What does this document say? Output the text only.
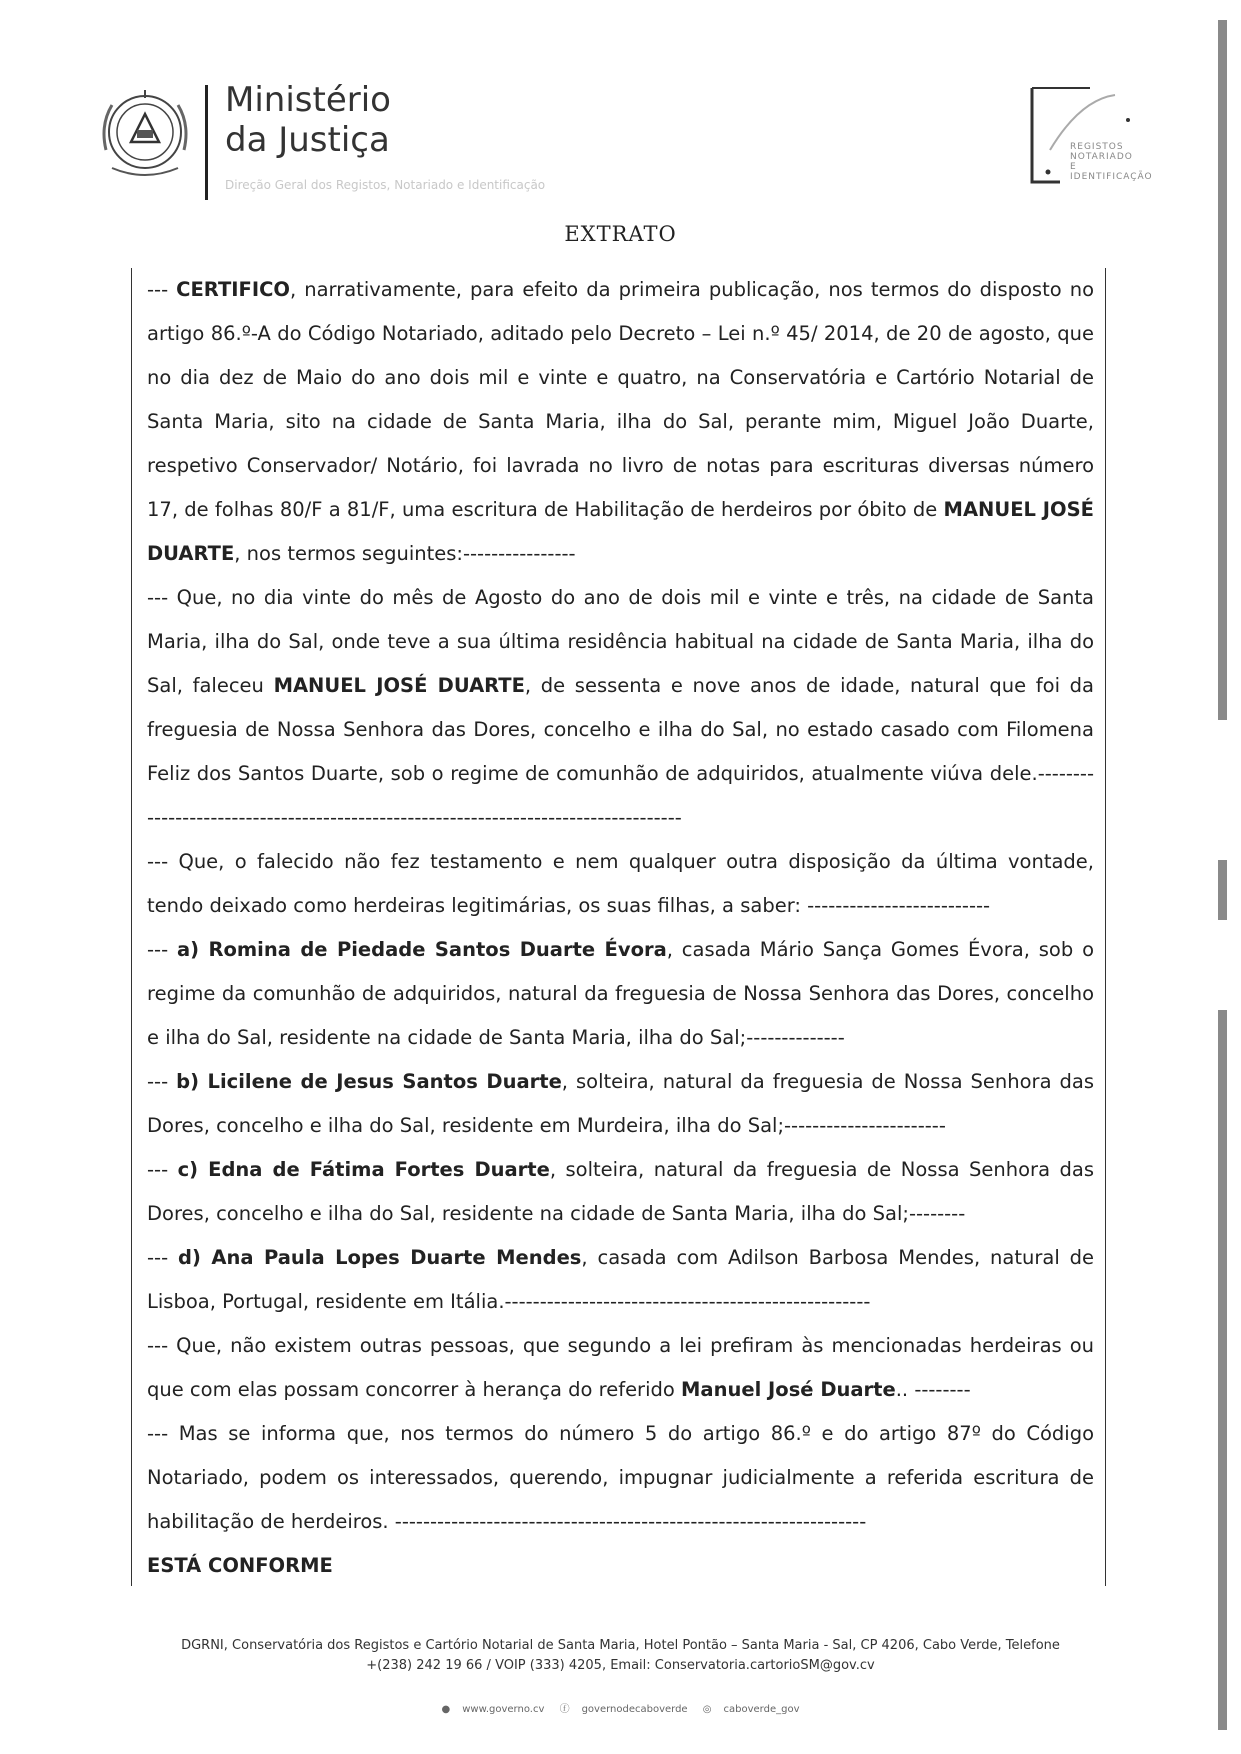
Ministério
da Justiça
Direção Geral dos Registos, Notariado e Identificação
REGISTOS
NOTARIADO
E IDENTIFICAÇÃO
EXTRATO
--- CERTIFICO, narrativamente, para efeito da primeira publicação, nos termos do disposto no artigo 86.º-A do Código Notariado, aditado pelo Decreto – Lei n.º 45/ 2014, de 20 de agosto, que no dia dez de Maio do ano dois mil e vinte e quatro, na Conservatória e Cartório Notarial de Santa Maria, sito na cidade de Santa Maria, ilha do Sal, perante mim, Miguel João Duarte, respetivo Conservador/ Notário, foi lavrada no livro de notas para escrituras diversas número 17, de folhas 80/F a 81/F, uma escritura de Habilitação de herdeiros por óbito de MANUEL JOSÉ DUARTE, nos termos seguintes:----------------
--- Que, no dia vinte do mês de Agosto do ano de dois mil e vinte e três, na cidade de Santa Maria, ilha do Sal, onde teve a sua última residência habitual na cidade de Santa Maria, ilha do Sal, faleceu MANUEL JOSÉ DUARTE, de sessenta e nove anos de idade, natural que foi da freguesia de Nossa Senhora das Dores, concelho e ilha do Sal, no estado casado com Filomena Feliz dos Santos Duarte, sob o regime de comunhão de adquiridos, atualmente viúva dele.------------------------------------------------------------------------------------
--- Que, o falecido não fez testamento e nem qualquer outra disposição da última vontade, tendo deixado como herdeiras legitimárias, os suas filhas, a saber: --------------------------
--- a) Romina de Piedade Santos Duarte Évora, casada Mário Sança Gomes Évora, sob o regime da comunhão de adquiridos, natural da freguesia de Nossa Senhora das Dores, concelho e ilha do Sal, residente na cidade de Santa Maria, ilha do Sal;--------------
--- b) Licilene de Jesus Santos Duarte, solteira, natural da freguesia de Nossa Senhora das Dores, concelho e ilha do Sal, residente em Murdeira, ilha do Sal;-----------------------
--- c) Edna de Fátima Fortes Duarte, solteira, natural da freguesia de Nossa Senhora das Dores, concelho e ilha do Sal, residente na cidade de Santa Maria, ilha do Sal;--------
--- d) Ana Paula Lopes Duarte Mendes, casada com Adilson Barbosa Mendes, natural de Lisboa, Portugal, residente em Itália.----------------------------------------------------
--- Que, não existem outras pessoas, que segundo a lei prefiram às mencionadas herdeiras ou que com elas possam concorrer à herança do referido Manuel José Duarte.. --------
--- Mas se informa que, nos termos do número 5 do artigo 86.º e do artigo 87º do Código Notariado, podem os interessados, querendo, impugnar judicialmente a referida escritura de habilitação de herdeiros. -------------------------------------------------------------------
ESTÁ CONFORME
DGRNI, Conservatória dos Registos e Cartório Notarial de Santa Maria, Hotel Pontão – Santa Maria - Sal, CP 4206, Cabo Verde, Telefone
+(238) 242 19 66 / VOIP (333) 4205, Email: Conservatoria.cartorioSM@gov.cv
● www.governo.cv ⓕ governodecaboverde ◎ caboverde_gov
